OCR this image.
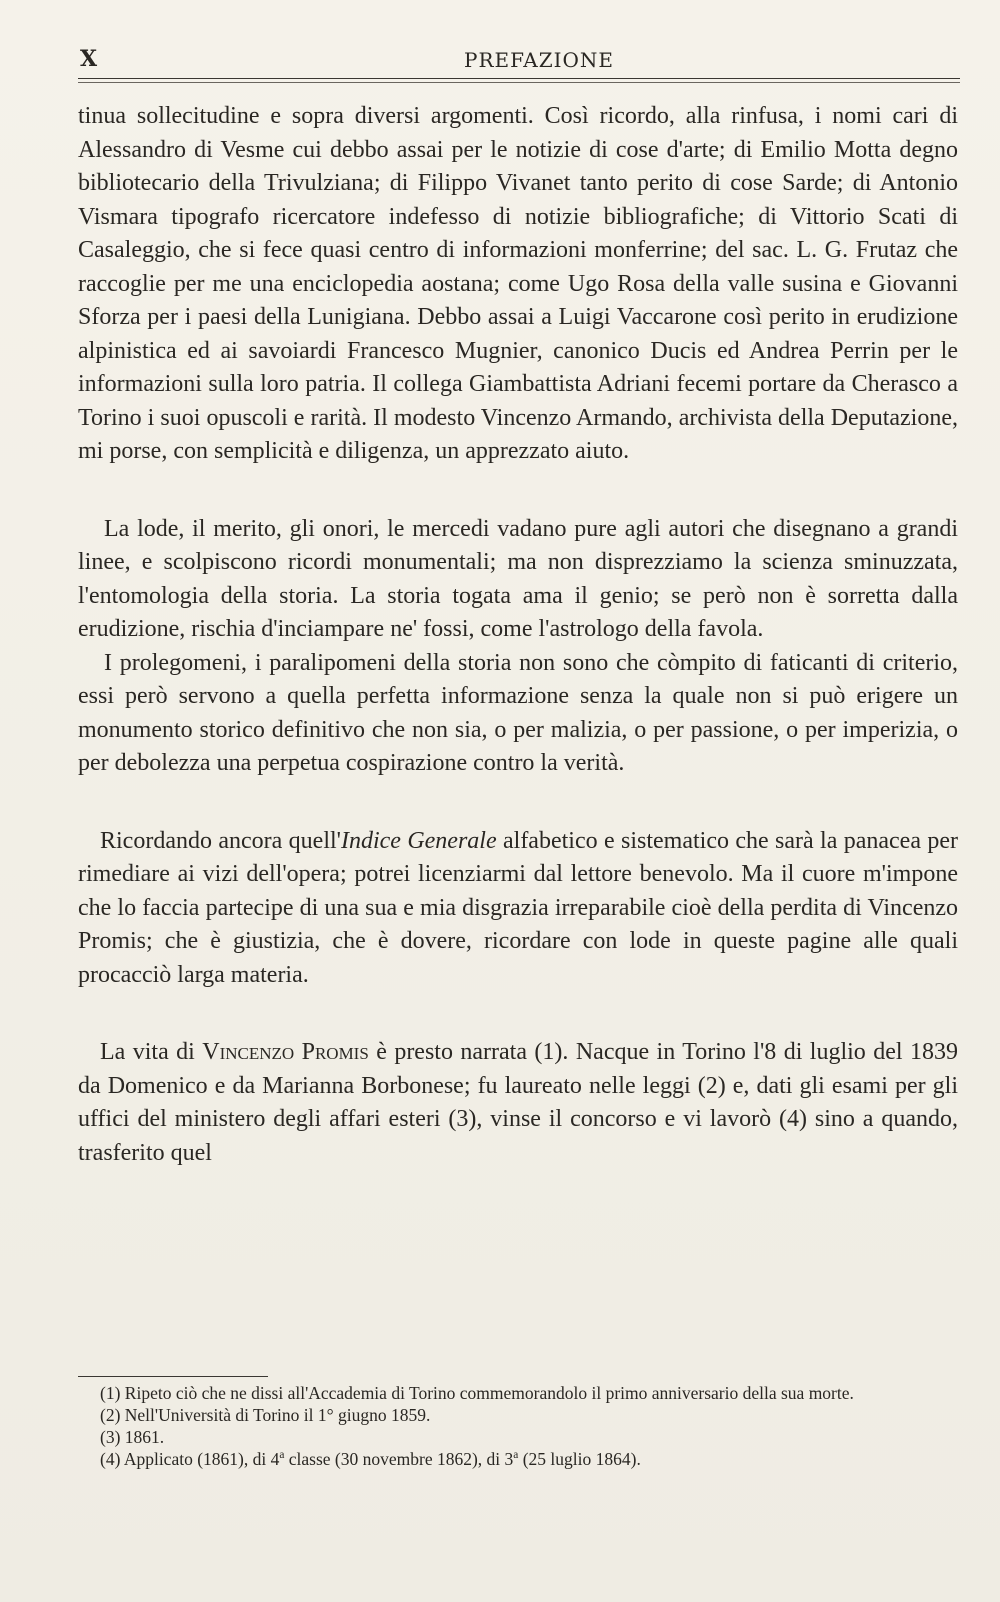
X	PREFAZIONE

tinua sollecitudine e sopra diversi argomenti. Così ricordo, alla rinfusa, i nomi cari di Alessandro di Vesme cui debbo assai per le notizie di cose d'arte; di Emilio Motta degno bibliotecario della Trivulziana; di Filippo Vivanet tanto perito di cose Sarde; di Antonio Vismara tipografo ricercatore indefesso di notizie bibliografiche; di Vittorio Scati di Casaleggio, che si fece quasi centro di informazioni monferrine; del sac. L. G. Frutaz che raccoglie per me una enciclopedia aostana; come Ugo Rosa della valle susina e Giovanni Sforza per i paesi della Lunigiana. Debbo assai a Luigi Vaccarone così perito in erudizione alpinistica ed ai savoiardi Francesco Mugnier, canonico Ducis ed Andrea Perrin per le informazioni sulla loro patria. Il collega Giambattista Adriani fecemi portare da Cherasco a Torino i suoi opuscoli e rarità. Il modesto Vincenzo Armando, archivista della Deputazione, mi porse, con semplicità e diligenza, un apprezzato aiuto.

La lode, il merito, gli onori, le mercedi vadano pure agli autori che disegnano a grandi linee, e scolpiscono ricordi monumentali; ma non disprezziamo la scienza sminuzzata, l'entomologia della storia. La storia togata ama il genio; se però non è sorretta dalla erudizione, rischia d'inciampare ne' fossi, come l'astrologo della favola.

I prolegomeni, i paralipomeni della storia non sono che còmpito di faticanti di criterio, essi però servono a quella perfetta informazione senza la quale non si può erigere un monumento storico definitivo che non sia, o per malizia, o per passione, o per imperizia, o per debolezza una perpetua cospirazione contro la verità.

Ricordando ancora quell'Indice Generale alfabetico e sistematico che sarà la panacea per rimediare ai vizi dell'opera; potrei licenziarmi dal lettore benevolo. Ma il cuore m'impone che lo faccia partecipe di una sua e mia disgrazia irreparabile cioè della perdita di Vincenzo Promis; che è giustizia, che è dovere, ricordare con lode in queste pagine alle quali procacciò larga materia.

La vita di Vincenzo Promis è presto narrata (1). Nacque in Torino l'8 di luglio del 1839 da Domenico e da Marianna Borbonese; fu laureato nelle leggi (2) e, dati gli esami per gli uffici del ministero degli affari esteri (3), vinse il concorso e vi lavorò (4) sino a quando, trasferito quel

(1) Ripeto ciò che ne dissi all'Accademia di Torino commemorandolo il primo anniversario della sua morte.
(2) Nell'Università di Torino il 1° giugno 1859.
(3) 1861.
(4) Applicato (1861), di 4$^a$ classe (30 novembre 1862), di 3$^a$ (25 luglio 1864).
